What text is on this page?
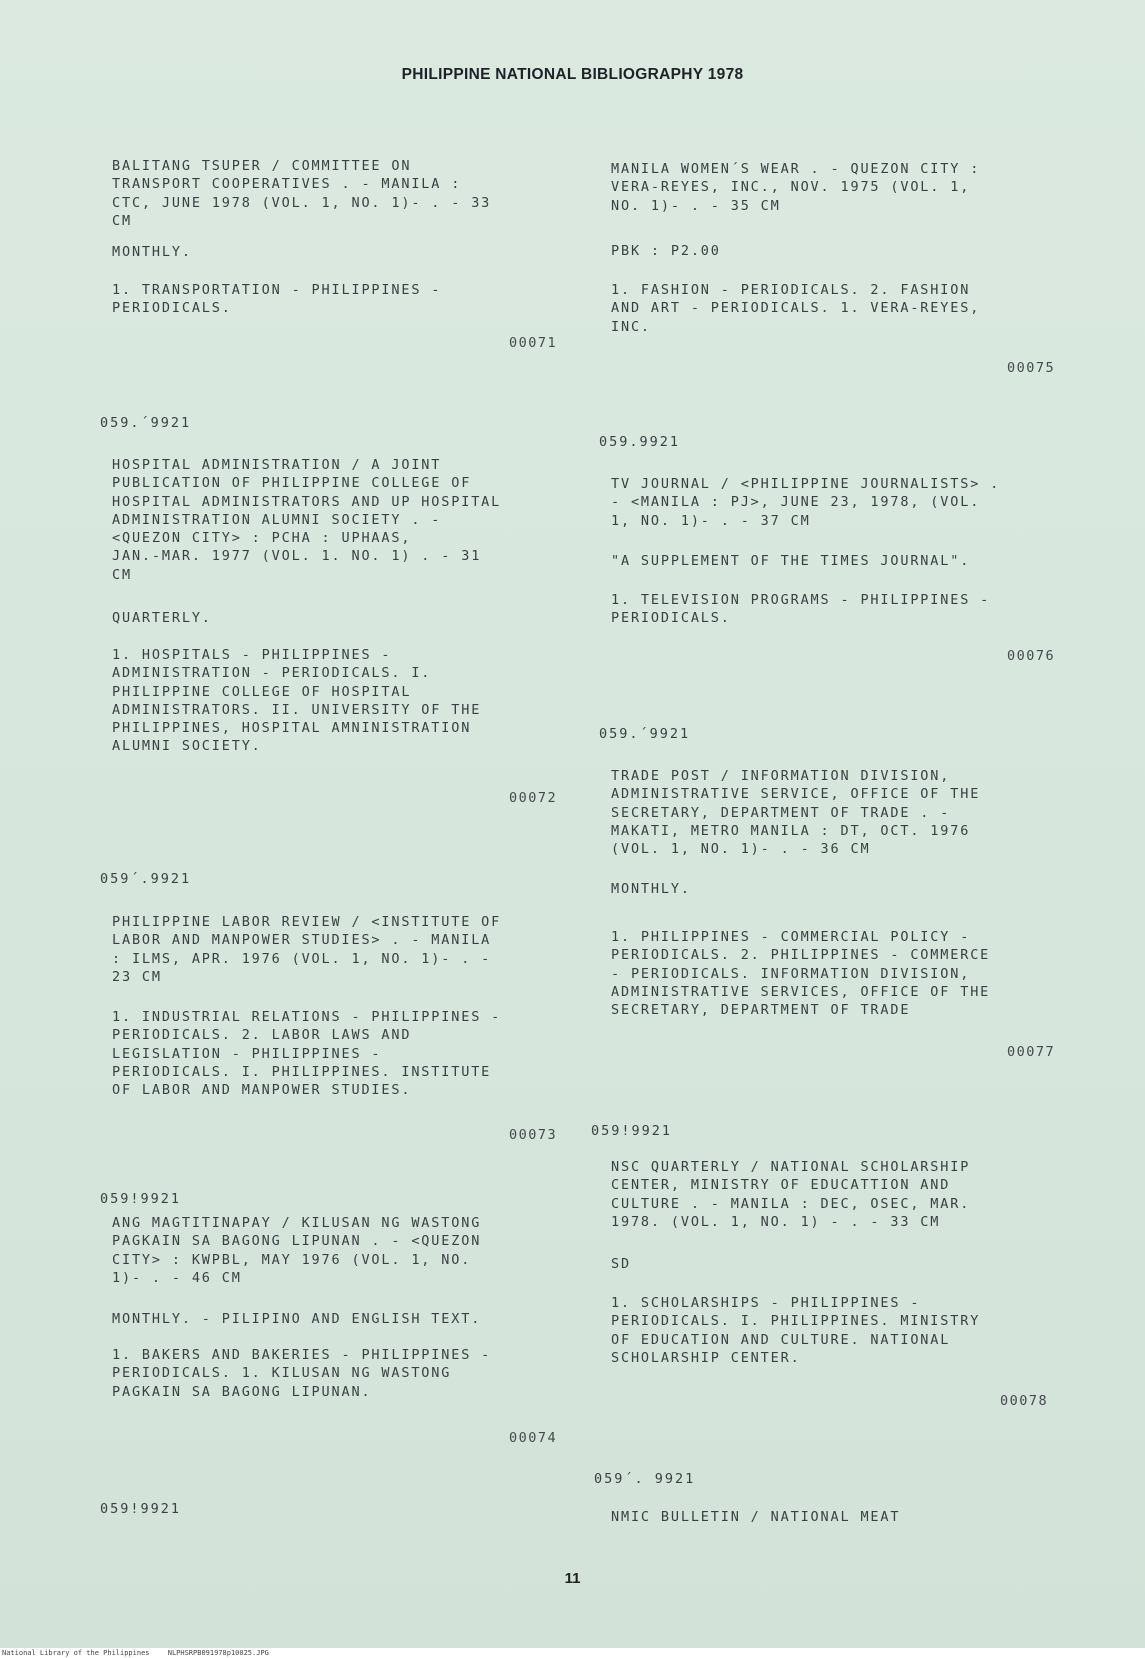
PHILIPPINE NATIONAL BIBLIOGRAPHY 1978
BALITANG TSUPER / COMMITTEE ON
TRANSPORT COOPERATIVES . - MANILA :
CTC, JUNE 1978 (VOL. 1, NO. 1)- . - 33
CM
MONTHLY.
1. TRANSPORTATION - PHILIPPINES -
PERIODICALS.
00071
059.´9921
HOSPITAL ADMINISTRATION / A JOINT
PUBLICATION OF PHILIPPINE COLLEGE OF
HOSPITAL ADMINISTRATORS AND UP HOSPITAL
ADMINISTRATION ALUMNI SOCIETY . -
<QUEZON CITY> : PCHA : UPHAAS,
JAN.-MAR. 1977 (VOL. 1. NO. 1) . - 31
CM
QUARTERLY.
1. HOSPITALS - PHILIPPINES -
ADMINISTRATION - PERIODICALS. I.
PHILIPPINE COLLEGE OF HOSPITAL
ADMINISTRATORS. II. UNIVERSITY OF THE
PHILIPPINES, HOSPITAL AMNINISTRATION
ALUMNI SOCIETY.
00072
059´.9921
PHILIPPINE LABOR REVIEW / <INSTITUTE OF
LABOR AND MANPOWER STUDIES> . - MANILA
: ILMS, APR. 1976 (VOL. 1, NO. 1)- . -
23 CM
1. INDUSTRIAL RELATIONS - PHILIPPINES -
PERIODICALS. 2. LABOR LAWS AND
LEGISLATION - PHILIPPINES -
PERIODICALS. I. PHILIPPINES. INSTITUTE
OF LABOR AND MANPOWER STUDIES.
00073
059!9921
ANG MAGTITINAPAY / KILUSAN NG WASTONG
PAGKAIN SA BAGONG LIPUNAN . - <QUEZON
CITY> : KWPBL, MAY 1976 (VOL. 1, NO.
1)- . - 46 CM
MONTHLY. - PILIPINO AND ENGLISH TEXT.
1. BAKERS AND BAKERIES - PHILIPPINES -
PERIODICALS. 1. KILUSAN NG WASTONG
PAGKAIN SA BAGONG LIPUNAN.
00074
059!9921
MANILA WOMEN´S WEAR . - QUEZON CITY :
VERA-REYES, INC., NOV. 1975 (VOL. 1,
NO. 1)- . - 35 CM
PBK : P2.00
1. FASHION - PERIODICALS. 2. FASHION
AND ART - PERIODICALS. 1. VERA-REYES,
INC.
00075
059.9921
TV JOURNAL / <PHILIPPINE JOURNALISTS> .
- <MANILA : PJ>, JUNE 23, 1978, (VOL.
1, NO. 1)- . - 37 CM
"A SUPPLEMENT OF THE TIMES JOURNAL".
1. TELEVISION PROGRAMS - PHILIPPINES -
PERIODICALS.
00076
059.´9921
TRADE POST / INFORMATION DIVISION,
ADMINISTRATIVE SERVICE, OFFICE OF THE
SECRETARY, DEPARTMENT OF TRADE . -
MAKATI, METRO MANILA : DT, OCT. 1976
(VOL. 1, NO. 1)- . - 36 CM
MONTHLY.
1. PHILIPPINES - COMMERCIAL POLICY -
PERIODICALS. 2. PHILIPPINES - COMMERCE
- PERIODICALS. INFORMATION DIVISION,
ADMINISTRATIVE SERVICES, OFFICE OF THE
SECRETARY, DEPARTMENT OF TRADE
00077
059!9921
NSC QUARTERLY / NATIONAL SCHOLARSHIP
CENTER, MINISTRY OF EDUCATTION AND
CULTURE . - MANILA : DEC, OSEC, MAR.
1978. (VOL. 1, NO. 1) - . - 33 CM
SD
1. SCHOLARSHIPS - PHILIPPINES -
PERIODICALS. I. PHILIPPINES. MINISTRY
OF EDUCATION AND CULTURE. NATIONAL
SCHOLARSHIP CENTER.
00078
059´. 9921
NMIC BULLETIN / NATIONAL MEAT
11
National Library of the Philippines	NLPHSRPB091978p10025.JPG
